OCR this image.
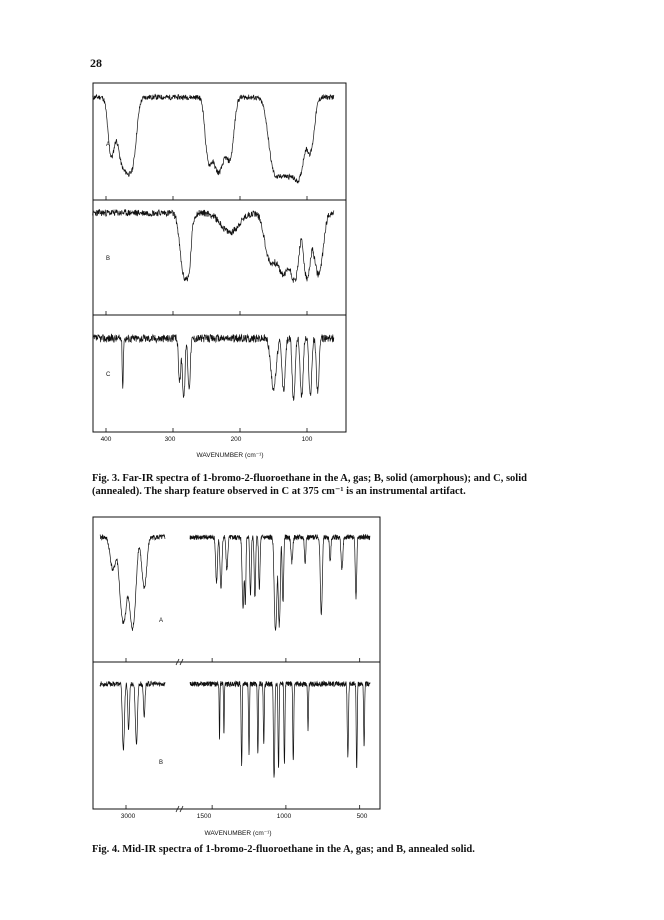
28
A
B
C
400	300	200	100
WAVENUMBER (cm⁻¹)
Fig. 3. Far-IR spectra of 1-bromo-2-fluoroethane in the A, gas; B, solid (amorphous); and C, solid (annealed). The sharp feature observed in C at 375 cm⁻¹ is an instrumental artifact.
A
B
3000	1500	1000	500
WAVENUMBER (cm⁻¹)
Fig. 4. Mid-IR spectra of 1-bromo-2-fluoroethane in the A, gas; and B, annealed solid.
